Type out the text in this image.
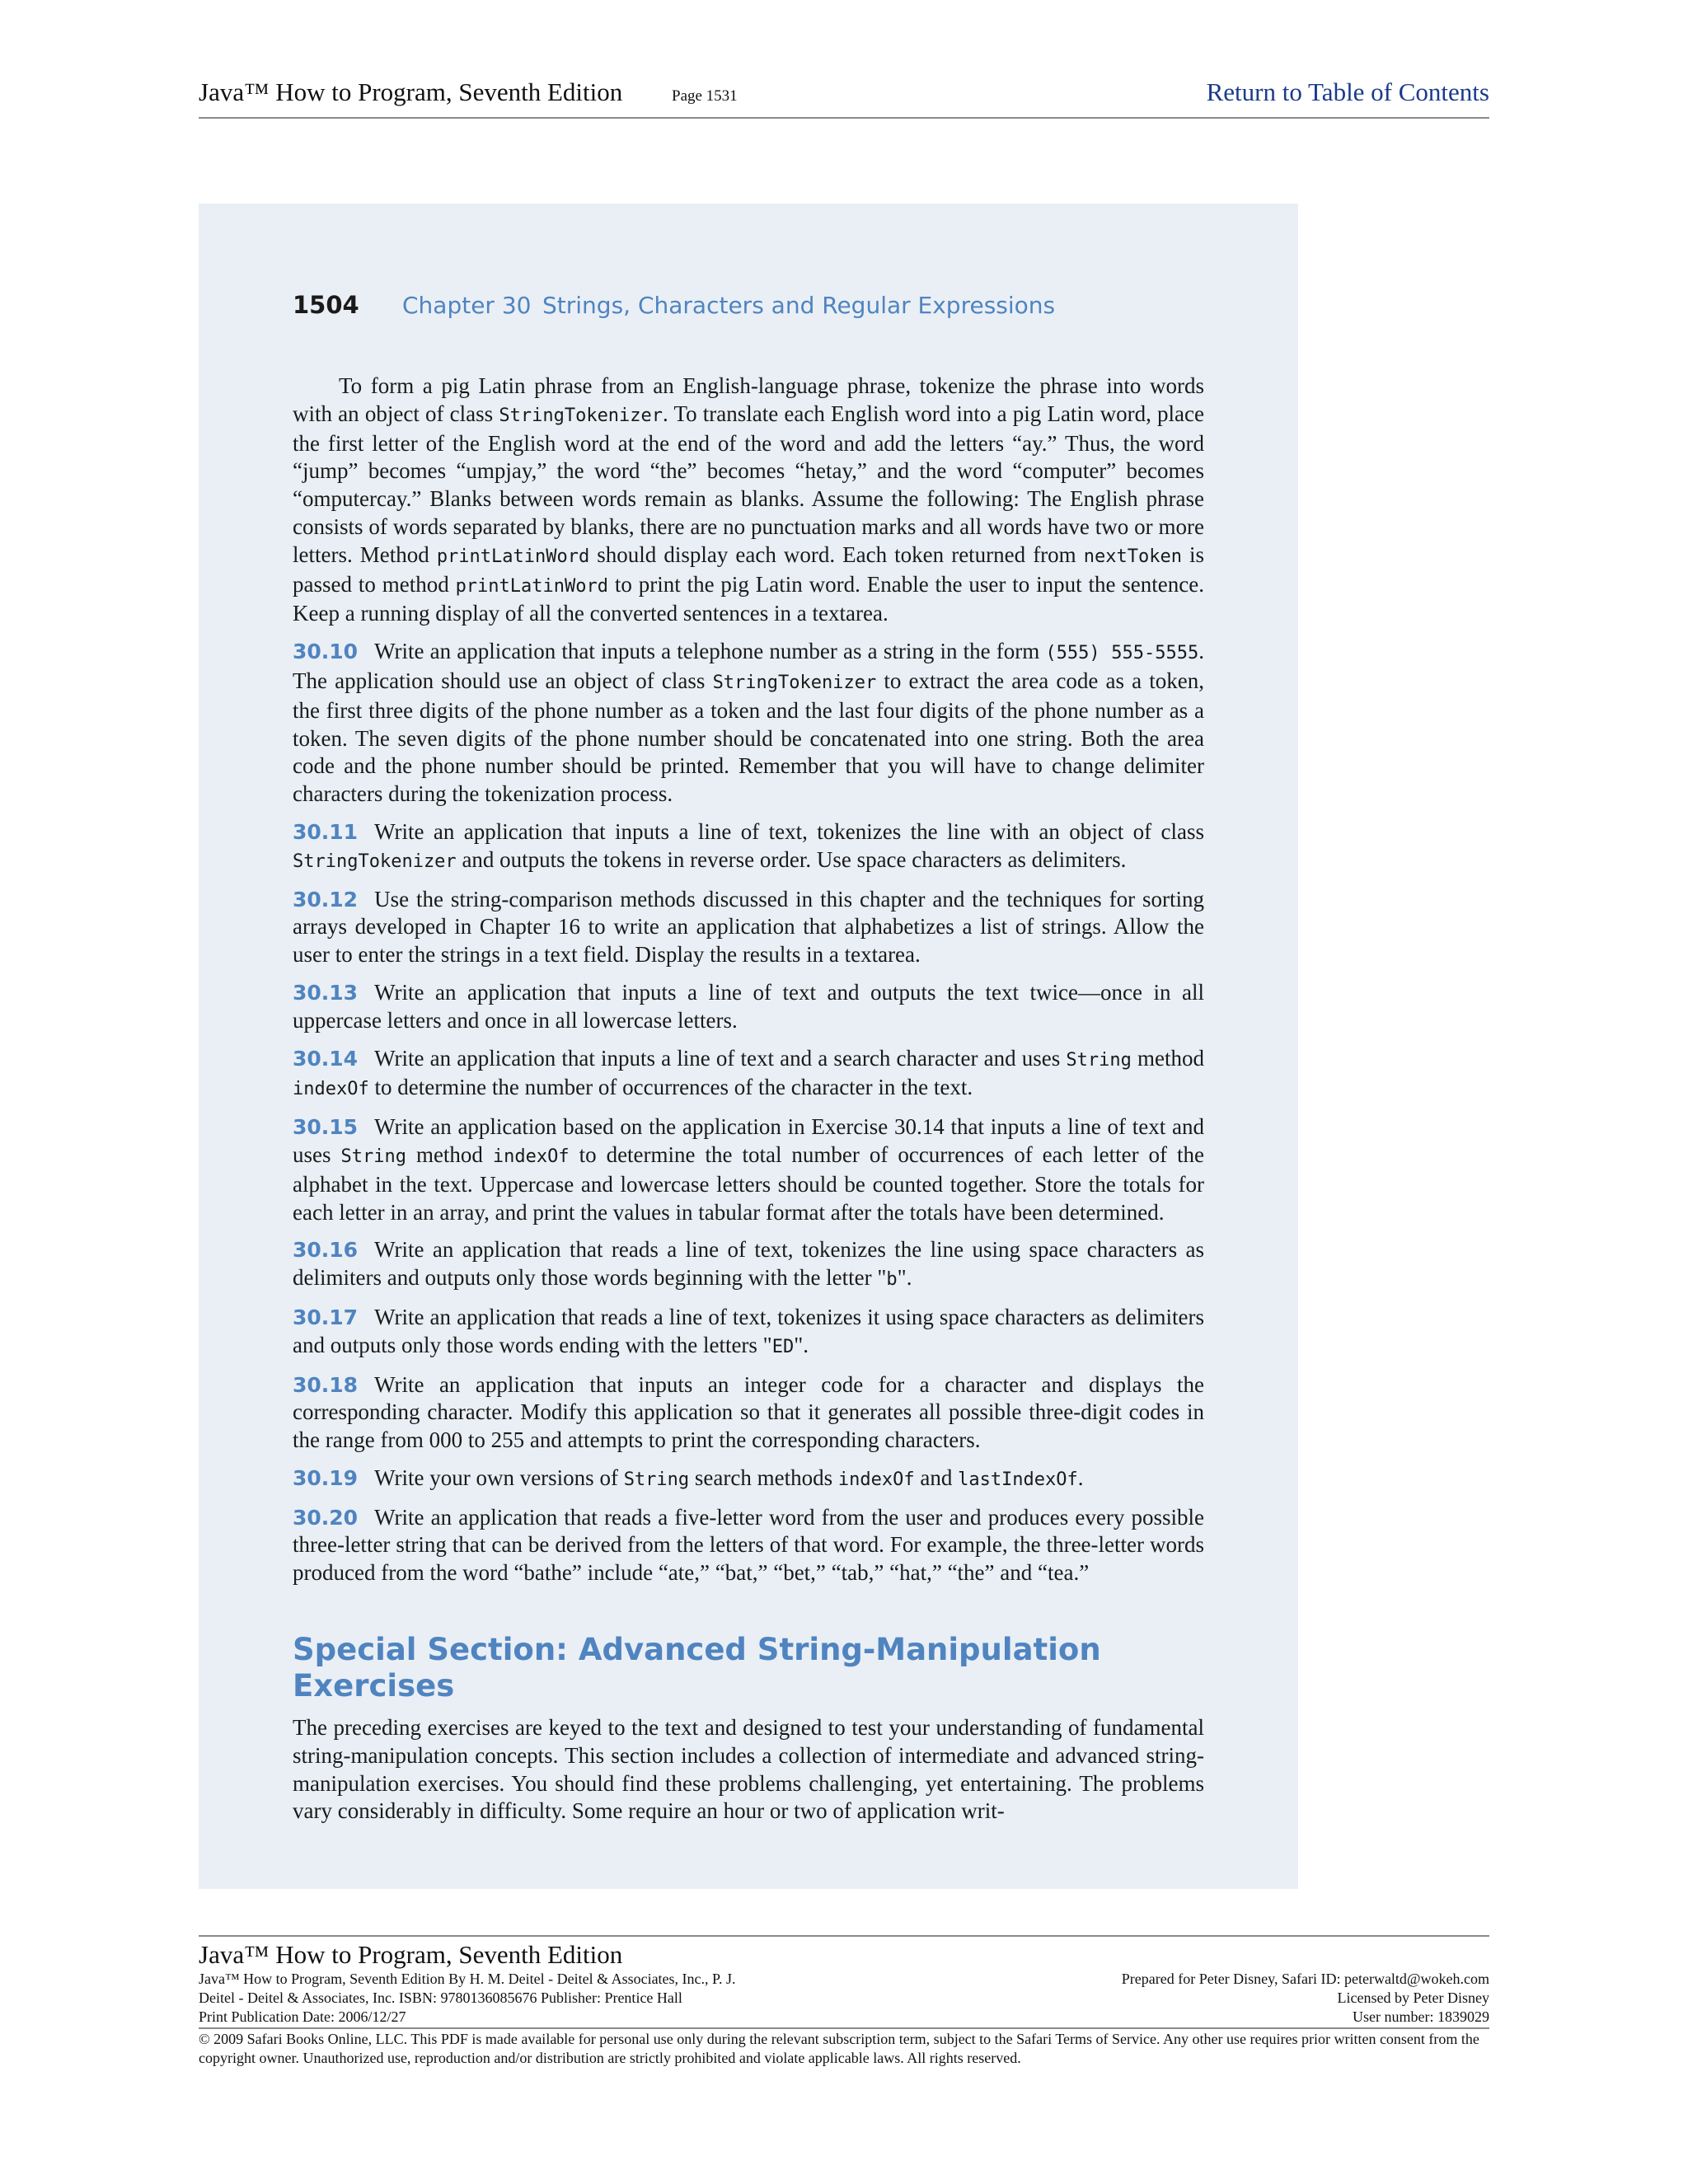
Java™ How to Program, Seventh Edition	Page 1531	Return to Table of Contents
1504 Chapter 30 Strings, Characters and Regular Expressions

To form a pig Latin phrase from an English-language phrase, tokenize the phrase into words with an object of class StringTokenizer. To translate each English word into a pig Latin word, place the first letter of the English word at the end of the word and add the letters “ay.” Thus, the word “jump” becomes “umpjay,” the word “the” becomes “hetay,” and the word “computer” becomes “omputercay.” Blanks between words remain as blanks. Assume the following: The English phrase consists of words separated by blanks, there are no punctuation marks and all words have two or more letters. Method printLatinWord should display each word. Each token returned from nextToken is passed to method printLatinWord to print the pig Latin word. Enable the user to input the sentence. Keep a running display of all the converted sentences in a textarea.

30.10 Write an application that inputs a telephone number as a string in the form (555) 555-5555. The application should use an object of class StringTokenizer to extract the area code as a token, the first three digits of the phone number as a token and the last four digits of the phone number as a token. The seven digits of the phone number should be concatenated into one string. Both the area code and the phone number should be printed. Remember that you will have to change delimiter characters during the tokenization process.

30.11 Write an application that inputs a line of text, tokenizes the line with an object of class StringTokenizer and outputs the tokens in reverse order. Use space characters as delimiters.

30.12 Use the string-comparison methods discussed in this chapter and the techniques for sorting arrays developed in Chapter 16 to write an application that alphabetizes a list of strings. Allow the user to enter the strings in a text field. Display the results in a textarea.

30.13 Write an application that inputs a line of text and outputs the text twice—once in all uppercase letters and once in all lowercase letters.

30.14 Write an application that inputs a line of text and a search character and uses String method indexOf to determine the number of occurrences of the character in the text.

30.15 Write an application based on the application in Exercise 30.14 that inputs a line of text and uses String method indexOf to determine the total number of occurrences of each letter of the alphabet in the text. Uppercase and lowercase letters should be counted together. Store the totals for each letter in an array, and print the values in tabular format after the totals have been determined.

30.16 Write an application that reads a line of text, tokenizes the line using space characters as delimiters and outputs only those words beginning with the letter "b".

30.17 Write an application that reads a line of text, tokenizes it using space characters as delimiters and outputs only those words ending with the letters "ED".

30.18 Write an application that inputs an integer code for a character and displays the corresponding character. Modify this application so that it generates all possible three-digit codes in the range from 000 to 255 and attempts to print the corresponding characters.

30.19 Write your own versions of String search methods indexOf and lastIndexOf.

30.20 Write an application that reads a five-letter word from the user and produces every possible three-letter string that can be derived from the letters of that word. For example, the three-letter words produced from the word “bathe” include “ate,” “bat,” “bet,” “tab,” “hat,” “the” and “tea.”

Special Section: Advanced String-Manipulation Exercises

The preceding exercises are keyed to the text and designed to test your understanding of fundamental string-manipulation concepts. This section includes a collection of intermediate and advanced string-manipulation exercises. You should find these problems challenging, yet entertaining. The problems vary considerably in difficulty. Some require an hour or two of application writ-

Java™ How to Program, Seventh Edition
Java™ How to Program, Seventh Edition By H. M. Deitel - Deitel & Associates, Inc., P. J.	Prepared for Peter Disney, Safari ID: peterwaltd@wokeh.com
Deitel - Deitel & Associates, Inc. ISBN: 9780136085676 Publisher: Prentice Hall	Licensed by Peter Disney
Print Publication Date: 2006/12/27	User number: 1839029
© 2009 Safari Books Online, LLC. This PDF is made available for personal use only during the relevant subscription term, subject to the Safari Terms of Service. Any other use requires prior written consent from the copyright owner. Unauthorized use, reproduction and/or distribution are strictly prohibited and violate applicable laws. All rights reserved.
